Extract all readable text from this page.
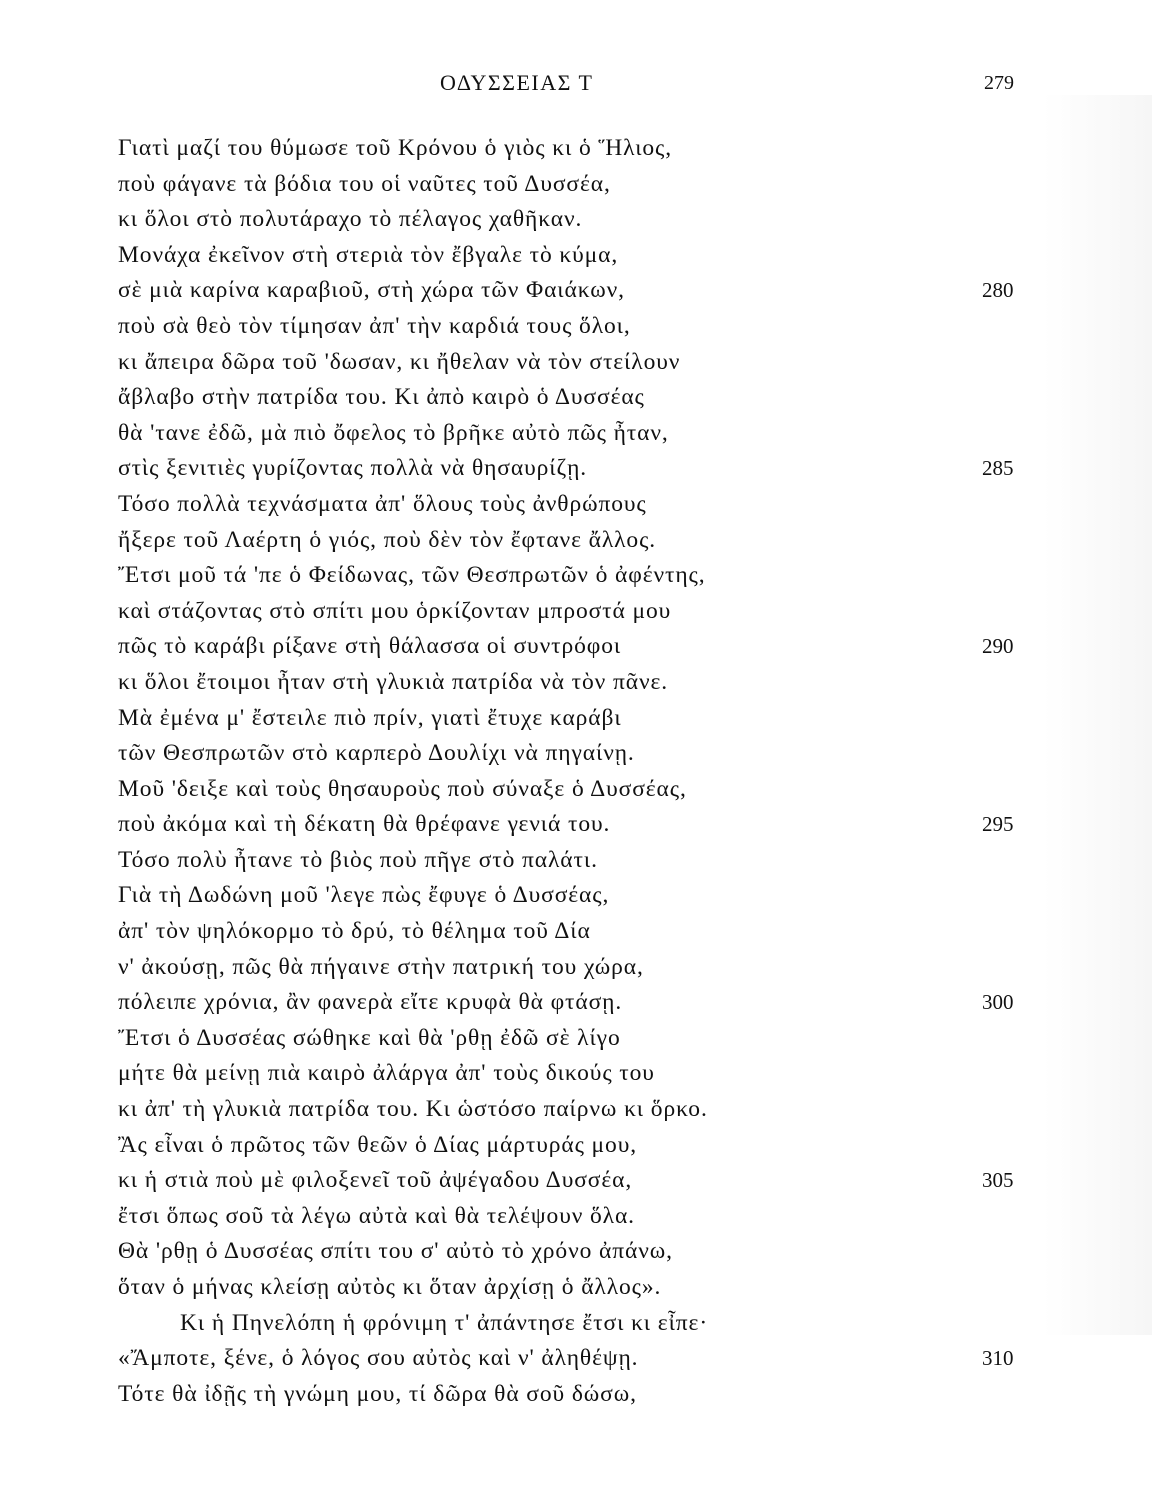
ΟΔΥΣΣΕΙΑΣ Τ	279
Γιατὶ μαζί του θύμωσε τοῦ Κρόνου ὁ γιὸς κι ὁ Ἥλιος,
ποὺ φάγανε τὰ βόδια του οἱ ναῦτες τοῦ Δυσσέα,
κι ὅλοι στὸ πολυτάραχο τὸ πέλαγος χαθῆκαν.
Μονάχα ἐκεῖνον στὴ στεριὰ τὸν ἔβγαλε τὸ κύμα,
σὲ μιὰ καρίνα καραβιοῦ, στὴ χώρα τῶν Φαιάκων,	280
ποὺ σὰ θεὸ τὸν τίμησαν ἀπ' τὴν καρδιά τους ὅλοι,
κι ἄπειρα δῶρα τοῦ 'δωσαν, κι ἤθελαν νὰ τὸν στείλουν
ἄβλαβο στὴν πατρίδα του. Κι ἀπὸ καιρὸ ὁ Δυσσέας
θὰ 'τανε ἐδῶ, μὰ πιὸ ὄφελος τὸ βρῆκε αὐτὸ πῶς ἦταν,
στὶς ξενιτιὲς γυρίζοντας πολλὰ νὰ θησαυρίζῃ.	285
Τόσο πολλὰ τεχνάσματα ἀπ' ὅλους τοὺς ἀνθρώπους
ἤξερε τοῦ Λαέρτη ὁ γιός, ποὺ δὲν τὸν ἔφτανε ἄλλος.
Ἔτσι μοῦ τά 'πε ὁ Φείδωνας, τῶν Θεσπρωτῶν ὁ ἀφέντης,
καὶ στάζοντας στὸ σπίτι μου ὁρκίζονταν μπροστά μου
πῶς τὸ καράβι ρίξανε στὴ θάλασσα οἱ συντρόφοι	290
κι ὅλοι ἔτοιμοι ἦταν στὴ γλυκιὰ πατρίδα νὰ τὸν πᾶνε.
Μὰ ἐμένα μ' ἔστειλε πιὸ πρίν, γιατὶ ἔτυχε καράβι
τῶν Θεσπρωτῶν στὸ καρπερὸ Δουλίχι νὰ πηγαίνῃ.
Μοῦ 'δειξε καὶ τοὺς θησαυροὺς ποὺ σύναξε ὁ Δυσσέας,
ποὺ ἀκόμα καὶ τὴ δέκατη θὰ θρέφανε γενιά του.	295
Τόσο πολὺ ἦτανε τὸ βιὸς ποὺ πῆγε στὸ παλάτι.
Γιὰ τὴ Δωδώνη μοῦ 'λεγε πὼς ἔφυγε ὁ Δυσσέας,
ἀπ' τὸν ψηλόκορμο τὸ δρύ, τὸ θέλημα τοῦ Δία
ν' ἀκούσῃ, πῶς θὰ πήγαινε στὴν πατρική του χώρα,
πόλειπε χρόνια, ἂν φανερὰ εἴτε κρυφὰ θὰ φτάσῃ.	300
Ἔτσι ὁ Δυσσέας σώθηκε καὶ θὰ 'ρθῃ ἐδῶ σὲ λίγο
μήτε θὰ μείνῃ πιὰ καιρὸ ἀλάργα ἀπ' τοὺς δικούς του
κι ἀπ' τὴ γλυκιὰ πατρίδα του. Κι ὡστόσο παίρνω κι ὅρκο.
Ἂς εἶναι ὁ πρῶτος τῶν θεῶν ὁ Δίας μάρτυράς μου,
κι ἡ στιὰ ποὺ μὲ φιλοξενεῖ τοῦ ἀψέγαδου Δυσσέα,	305
ἔτσι ὅπως σοῦ τὰ λέγω αὐτὰ καὶ θὰ τελέψουν ὅλα.
Θὰ 'ρθῃ ὁ Δυσσέας σπίτι του σ' αὐτὸ τὸ χρόνο ἀπάνω,
ὅταν ὁ μήνας κλείσῃ αὐτὸς κι ὅταν ἀρχίσῃ ὁ ἄλλος».
Κι ἡ Πηνελόπη ἡ φρόνιμη τ' ἀπάντησε ἔτσι κι εἶπε·
«Ἄμποτε, ξένε, ὁ λόγος σου αὐτὸς καὶ ν' ἀληθέψῃ.	310
Τότε θὰ ἰδῇς τὴ γνώμη μου, τί δῶρα θὰ σοῦ δώσω,
